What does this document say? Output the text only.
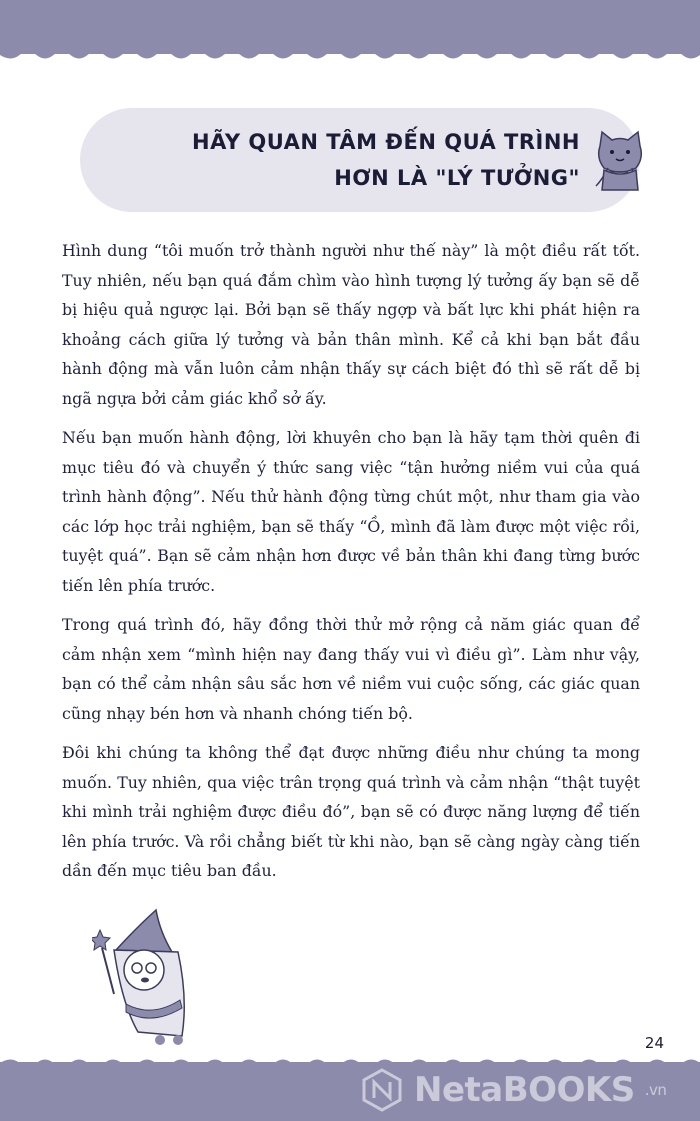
HÃY QUAN TÂM ĐẾN QUÁ TRÌNH
HƠN LÀ "LÝ TƯỞNG"

Hình dung “tôi muốn trở thành người như thế này” là một điều rất tốt. Tuy nhiên, nếu bạn quá đắm chìm vào hình tượng lý tưởng ấy bạn sẽ dễ bị hiệu quả ngược lại. Bởi bạn sẽ thấy ngợp và bất lực khi phát hiện ra khoảng cách giữa lý tưởng và bản thân mình. Kể cả khi bạn bắt đầu hành động mà vẫn luôn cảm nhận thấy sự cách biệt đó thì sẽ rất dễ bị ngã ngựa bởi cảm giác khổ sở ấy.

Nếu bạn muốn hành động, lời khuyên cho bạn là hãy tạm thời quên đi mục tiêu đó và chuyển ý thức sang việc “tận hưởng niềm vui của quá trình hành động”. Nếu thử hành động từng chút một, như tham gia vào các lớp học trải nghiệm, bạn sẽ thấy “Ồ, mình đã làm được một việc rồi, tuyệt quá”. Bạn sẽ cảm nhận hơn được về bản thân khi đang từng bước tiến lên phía trước.

Trong quá trình đó, hãy đồng thời thử mở rộng cả năm giác quan để cảm nhận xem “mình hiện nay đang thấy vui vì điều gì”. Làm như vậy, bạn có thể cảm nhận sâu sắc hơn về niềm vui cuộc sống, các giác quan cũng nhạy bén hơn và nhanh chóng tiến bộ.

Đôi khi chúng ta không thể đạt được những điều như chúng ta mong muốn. Tuy nhiên, qua việc trân trọng quá trình và cảm nhận “thật tuyệt khi mình trải nghiệm được điều đó”, bạn sẽ có được năng lượng để tiến lên phía trước. Và rồi chẳng biết từ khi nào, bạn sẽ càng ngày càng tiến dần đến mục tiêu ban đầu.

24
NetaBOOKS .vn
